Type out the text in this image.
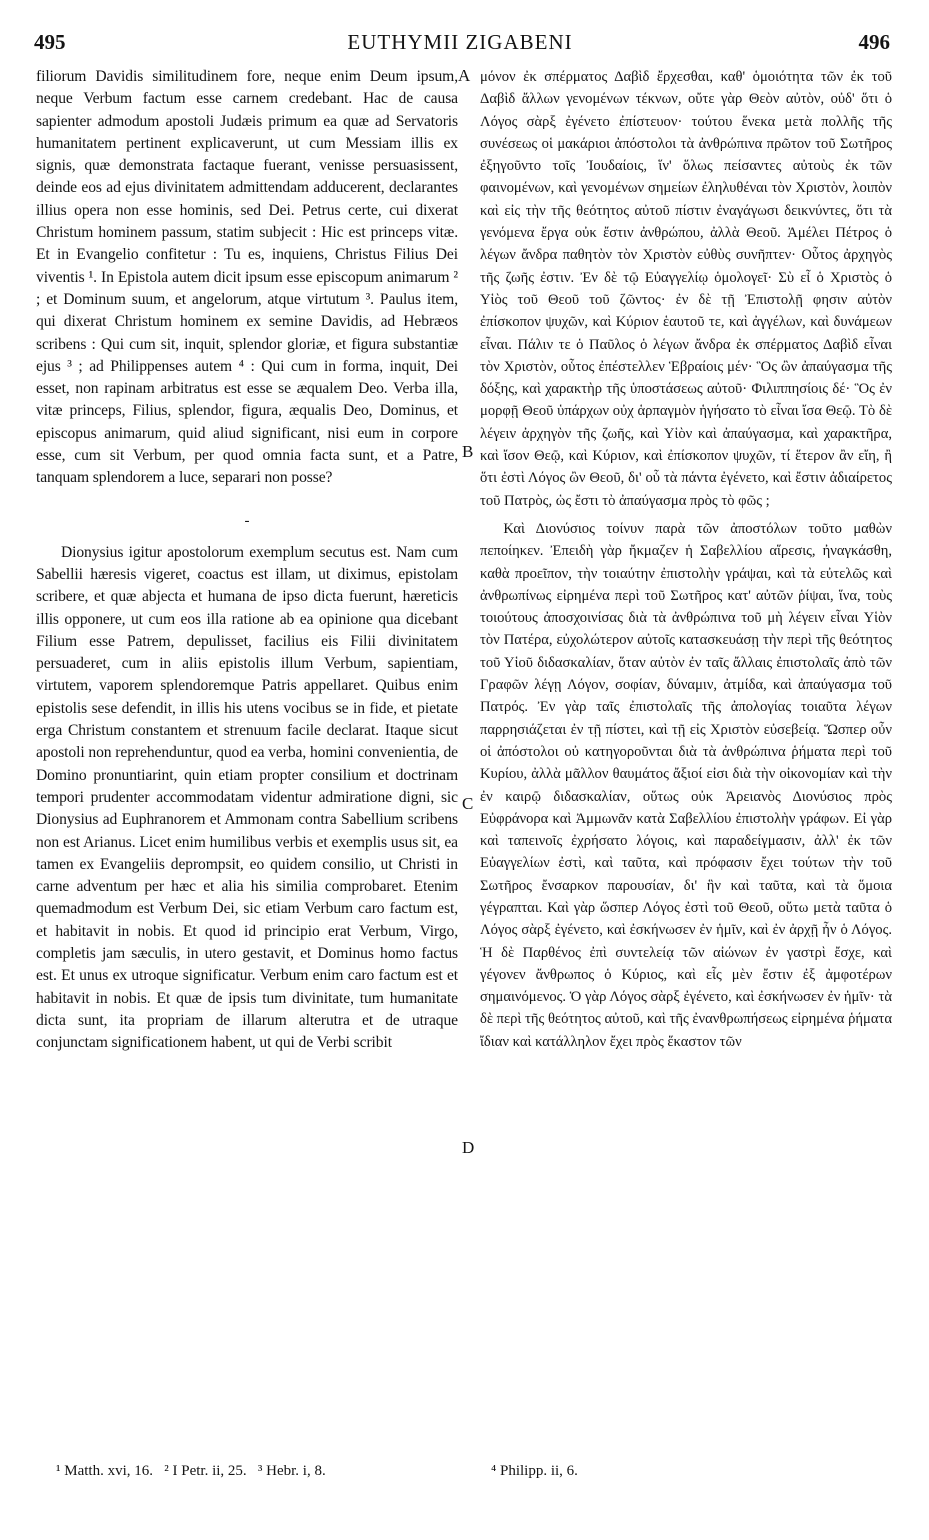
495	EUTHYMII ZIGABENI	496

filiorum Davidis similitudinem fore, neque enim Deum ipsum, neque Verbum factum esse carnem credebant. Hac de causa sapienter admodum apostoli Judæis primum ea quæ ad Servatoris humanitatem pertinent explicaverunt, ut cum Messiam illis ex signis, quæ demonstrata factaque fuerant, venisse persuasissent, deinde eos ad ejus divinitatem admittendam adducerent, declarantes illius opera non esse hominis, sed Dei. Petrus certe, cui dixerat Christum hominem passum, statim subjecit : Hic est princeps vitæ. Et in Evangelio confitetur : Tu es, inquiens, Christus Filius Dei viventis ¹. In Epistola autem dicit ipsum esse episcopum animarum ² ; et Dominum suum, et angelorum, atque virtutum ³. Paulus item, qui dixerat Christum hominem ex semine Davidis, ad Hebræos scribens : Qui cum sit, inquit, splendor gloriæ, et figura substantiæ ejus ³ ; ad Philippenses autem ⁴ : Qui cum in forma, inquit, Dei esset, non rapinam arbitratus est esse se æqualem Deo. Verba illa, vitæ princeps, Filius, splendor, figura, æqualis Deo, Dominus, et episcopus animarum, quid aliud significant, nisi eum in corpore esse, cum sit Verbum, per quod omnia facta sunt, et a Patre, tanquam splendorem a luce, separari non posse?

-

Dionysius igitur apostolorum exemplum secutus est. Nam cum Sabellii hæresis vigeret, coactus est illam, ut diximus, epistolam scribere, et quæ abjecta et humana de ipso dicta fuerunt, hæreticis illis opponere, ut cum eos illa ratione ab ea opinione qua dicebant Filium esse Patrem, depulisset, facilius eis Filii divinitatem persuaderet, cum in aliis epistolis illum Verbum, sapientiam, virtutem, vaporem splendoremque Patris appellaret. Quibus enim epistolis sese defendit, in illis his utens vocibus se in fide, et pietate erga Christum constantem et strenuum facile declarat. Itaque sicut apostoli non reprehenduntur, quod ea verba, homini convenientia, de Domino pronuntiarint, quin etiam propter consilium et doctrinam tempori prudenter accommodatam videntur admiratione digni, sic Dionysius ad Euphranorem et Ammonam contra Sabellium scribens non est Arianus. Licet enim humilibus verbis et exemplis usus sit, ea tamen ex Evangeliis deprompsit, eo quidem consilio, ut Christi in carne adventum per hæc et alia his similia comprobaret. Etenim quemadmodum est Verbum Dei, sic etiam Verbum caro factum est, et habitavit in nobis. Et quod id principio erat Verbum, Virgo, completis jam sæculis, in utero gestavit, et Dominus homo factus est. Et unus ex utroque significatur. Verbum enim caro factum est et habitavit in nobis. Et quæ de ipsis tum divinitate, tum humanitate dicta sunt, ita propriam de illarum alterutra et de utraque conjunctam significationem habent, ut qui de Verbi scribit

μόνον ἐκ σπέρματος Δαβὶδ ἔρχεσθαι, καθ' ὁμοιότητα τῶν ἐκ τοῦ Δαβὶδ ἄλλων γενομένων τέκνων, οὔτε γὰρ Θεὸν αὐτὸν, οὐδ' ὅτι ὁ Λόγος σὰρξ ἐγένετο ἐπίστευον· τούτου ἕνεκα μετὰ πολλῆς τῆς συνέσεως οἱ μακάριοι ἀπόστολοι τὰ ἀνθρώπινα πρῶτον τοῦ Σωτῆρος ἐξηγοῦντο τοῖς Ἰουδαίοις, ἵν' ὅλως πείσαντες αὐτοὺς ἐκ τῶν φαινομένων, καὶ γενομένων σημείων ἐληλυθέναι τὸν Χριστὸν, λοιπὸν καὶ εἰς τὴν τῆς θεότητος αὐτοῦ πίστιν ἐναγάγωσι δεικνύντες, ὅτι τὰ γενόμενα ἔργα οὐκ ἔστιν ἀνθρώπου, ἀλλὰ Θεοῦ. Ἀμέλει Πέτρος ὁ λέγων ἄνδρα παθητὸν τὸν Χριστὸν εὐθὺς συνῆπτεν· Οὗτος ἀρχηγὸς τῆς ζωῆς ἐστιν. Ἐν δὲ τῷ Εὐαγγελίῳ ὁμολογεῖ· Σὺ εἶ ὁ Χριστὸς ὁ Υἱὸς τοῦ Θεοῦ τοῦ ζῶντος· ἐν δὲ τῇ Ἐπιστολῇ φησιν αὐτὸν ἐπίσκοπον ψυχῶν, καὶ Κύριον ἑαυτοῦ τε, καὶ ἀγγέλων, καὶ δυνάμεων εἶναι. Πάλιν τε ὁ Παῦλος ὁ λέγων ἄνδρα ἐκ σπέρματος Δαβὶδ εἶναι τὸν Χριστὸν, οὗτος ἐπέστελλεν Ἑβραίοις μέν· Ὃς ὢν ἀπαύγασμα τῆς δόξης, καὶ χαρακτὴρ τῆς ὑποστάσεως αὐτοῦ· Φιλιππησίοις δέ· Ὃς ἐν μορφῇ Θεοῦ ὑπάρχων οὐχ ἁρπαγμὸν ἡγήσατο τὸ εἶναι ἴσα Θεῷ. Τὸ δὲ λέγειν ἀρχηγὸν τῆς ζωῆς, καὶ Υἱὸν καὶ ἀπαύγασμα, καὶ χαρακτῆρα, καὶ ἴσον Θεῷ, καὶ Κύριον, καὶ ἐπίσκοπον ψυχῶν, τί ἕτερον ἂν εἴη, ἢ ὅτι ἐστὶ Λόγος ὢν Θεοῦ, δι' οὗ τὰ πάντα ἐγένετο, καὶ ἔστιν ἀδιαίρετος τοῦ Πατρὸς, ὡς ἔστι τὸ ἀπαύγασμα πρὸς τὸ φῶς ;

Καὶ Διονύσιος τοίνυν παρὰ τῶν ἀποστόλων τοῦτο μαθὼν πεποίηκεν. Ἐπειδὴ γὰρ ἤκμαζεν ἡ Σαβελλίου αἵρεσις, ἠναγκάσθη, καθὰ προεῖπον, τὴν τοιαύτην ἐπιστολὴν γράψαι, καὶ τὰ εὐτελῶς καὶ ἀνθρωπίνως εἰρημένα περὶ τοῦ Σωτῆρος κατ' αὐτῶν ῥίψαι, ἵνα, τοὺς τοιούτους ἀποσχοινίσας διὰ τὰ ἀνθρώπινα τοῦ μὴ λέγειν εἶναι Υἱὸν τὸν Πατέρα, εὐχολώτερον αὐτοῖς κατασκευάσῃ τὴν περὶ τῆς θεότητος τοῦ Υἱοῦ διδασκαλίαν, ὅταν αὐτὸν ἐν ταῖς ἄλλαις ἐπιστολαῖς ἀπὸ τῶν Γραφῶν λέγῃ Λόγον, σοφίαν, δύναμιν, ἀτμίδα, καὶ ἀπαύγασμα τοῦ Πατρός. Ἐν γὰρ ταῖς ἐπιστολαῖς τῆς ἀπολογίας τοιαῦτα λέγων παρρησιάζεται ἐν τῇ πίστει, καὶ τῇ εἰς Χριστὸν εὐσεβείᾳ. Ὥσπερ οὖν οἱ ἀπόστολοι οὐ κατηγοροῦνται διὰ τὰ ἀνθρώπινα ῥήματα περὶ τοῦ Κυρίου, ἀλλὰ μᾶλλον θαυμάτος ἄξιοί εἰσι διὰ τὴν οἰκονομίαν καὶ τὴν ἐν καιρῷ διδασκαλίαν, οὕτως οὐκ Ἀρειανὸς Διονύσιος πρὸς Εὐφράνορα καὶ Ἀμμωνᾶν κατὰ Σαβελλίου ἐπιστολὴν γράφων. Εἰ γὰρ καὶ ταπεινοῖς ἐχρήσατο λόγοις, καὶ παραδείγμασιν, ἀλλ' ἐκ τῶν Εὐαγγελίων ἐστὶ, καὶ ταῦτα, καὶ πρόφασιν ἔχει τούτων τὴν τοῦ Σωτῆρος ἔνσαρκον παρουσίαν, δι' ἣν καὶ ταῦτα, καὶ τὰ ὅμοια γέγραπται. Καὶ γὰρ ὥσπερ Λόγος ἐστὶ τοῦ Θεοῦ, οὕτω μετὰ ταῦτα ὁ Λόγος σὰρξ ἐγένετο, καὶ ἐσκήνωσεν ἐν ἡμῖν, καὶ ἐν ἀρχῇ ἦν ὁ Λόγος. Ἡ δὲ Παρθένος ἐπὶ συντελείᾳ τῶν αἰώνων ἐν γαστρὶ ἔσχε, καὶ γέγονεν ἄνθρωπος ὁ Κύριος, καὶ εἷς μὲν ἔστιν ἐξ ἀμφοτέρων σημαινόμενος. Ὁ γὰρ Λόγος σὰρξ ἐγένετο, καὶ ἐσκήνωσεν ἐν ἡμῖν· τὰ δὲ περὶ τῆς θεότητος αὐτοῦ, καὶ τῆς ἐνανθρωπήσεως εἰρημένα ῥήματα ἴδιαν καὶ κατάλληλον ἔχει πρὸς ἕκαστον τῶν

A
B
C
D
¹ Matth. xvi, 16.   ² I Petr. ii, 25.   ³ Hebr. i, 8.	⁴ Philipp. ii, 6.
